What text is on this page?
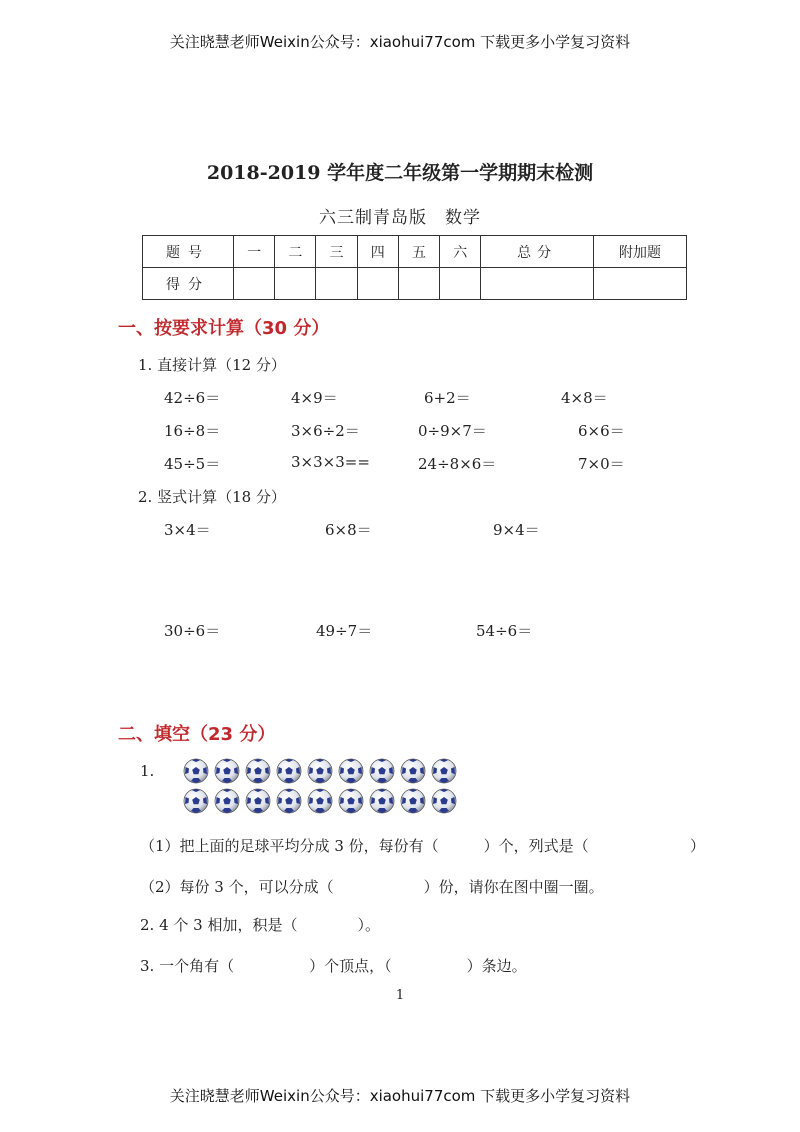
关注晓慧老师Weixin公众号：xiaohui77com 下载更多小学复习资料
2018-2019 学年度二年级第一学期期末检测
六三制青岛版　数学
题号	一	二	三	四	五	六	总分	附加题
得分								
一、按要求计算（30 分）
1. 直接计算（12 分）
42÷6＝	4×9＝	6+2＝	4×8＝
16÷8＝	3×6÷2＝	0÷9×7＝	6×6＝
45÷5＝	3×3×3==	24÷8×6＝	7×0＝
2. 竖式计算（18 分）
3×4＝	6×8＝	9×4＝
30÷6＝	49÷7＝	54÷6＝
二、填空（23 分）
1.
（1）把上面的足球平均分成 3 份，每份有（　　　）个，列式是（	）
（2）每份 3 个，可以分成（　　　　　　）份，请你在图中圈一圈。
2. 4 个 3 相加，积是（　　　　）。
3. 一个角有（　　　　　）个顶点，（　　　　　）条边。
1
关注晓慧老师Weixin公众号：xiaohui77com 下载更多小学复习资料
